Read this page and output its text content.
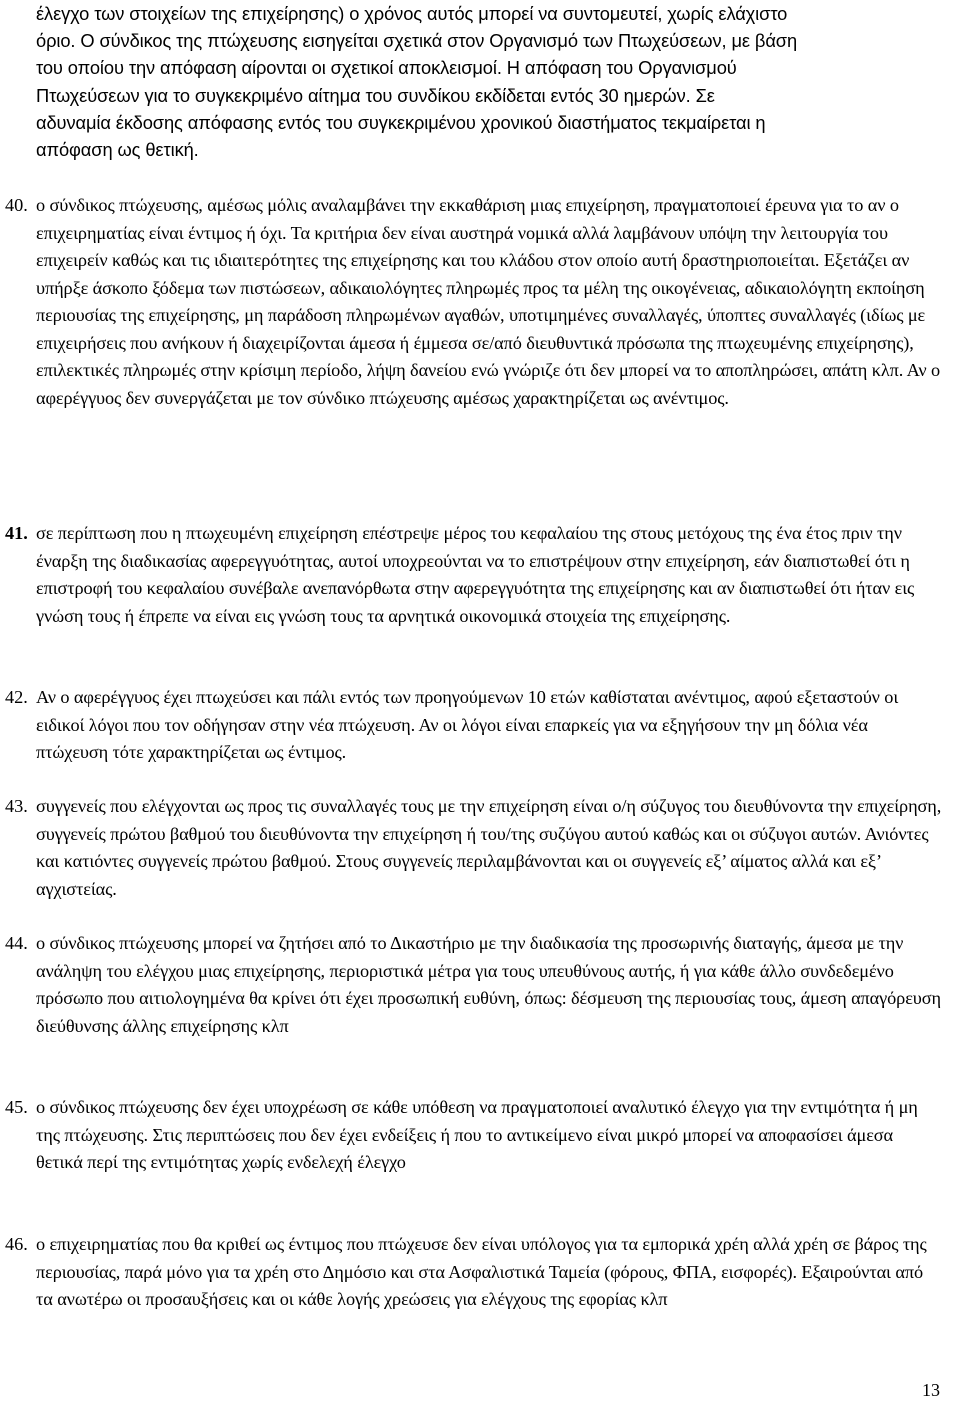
έλεγχο των στοιχείων της επιχείρησης) ο χρόνος αυτός μπορεί να συντομευτεί, χωρίς ελάχιστο
όριο. Ο σύνδικος της πτώχευσης εισηγείται σχετικά στον Οργανισμό των Πτωχεύσεων, με βάση
του οποίου την απόφαση αίρονται οι σχετικοί αποκλεισμοί. Η απόφαση του Οργανισμού
Πτωχεύσεων για το συγκεκριμένο αίτημα του συνδίκου εκδίδεται εντός 30 ημερών. Σε
αδυναμία έκδοσης απόφασης εντός του συγκεκριμένου χρονικού διαστήματος τεκμαίρεται η
απόφαση ως θετική.
40. ο σύνδικος πτώχευσης, αμέσως μόλις αναλαμβάνει την εκκαθάριση μιας επιχείρηση, πραγματοποιεί έρευνα για το αν ο επιχειρηματίας είναι έντιμος ή όχι. Τα κριτήρια δεν είναι αυστηρά νομικά αλλά λαμβάνουν υπόψη την λειτουργία του επιχειρείν καθώς και τις ιδιαιτερότητες της επιχείρησης και του κλάδου στον οποίο αυτή δραστηριοποιείται. Εξετάζει αν υπήρξε άσκοπο ξόδεμα των πιστώσεων, αδικαιολόγητες πληρωμές προς τα μέλη της οικογένειας, αδικαιολόγητη εκποίηση περιουσίας της επιχείρησης, μη παράδοση πληρωμένων αγαθών, υποτιμημένες συναλλαγές, ύποπτες συναλλαγές (ιδίως με επιχειρήσεις που ανήκουν ή διαχειρίζονται άμεσα ή έμμεσα σε/από διευθυντικά πρόσωπα της πτωχευμένης επιχείρησης), επιλεκτικές πληρωμές στην κρίσιμη περίοδο, λήψη δανείου ενώ γνώριζε ότι δεν μπορεί να το αποπληρώσει, απάτη κλπ. Αν ο αφερέγγυος δεν συνεργάζεται με τον σύνδικο πτώχευσης αμέσως χαρακτηρίζεται ως ανέντιμος.
41. σε περίπτωση που η πτωχευμένη επιχείρηση επέστρεψε μέρος του κεφαλαίου της στους μετόχους της ένα έτος πριν την έναρξη της διαδικασίας αφερεγγυότητας, αυτοί υποχρεούνται να το επιστρέψουν στην επιχείρηση, εάν διαπιστωθεί ότι η επιστροφή του κεφαλαίου συνέβαλε ανεπανόρθωτα στην αφερεγγυότητα της επιχείρησης και αν διαπιστωθεί ότι ήταν εις γνώση τους ή έπρεπε να είναι εις γνώση τους τα αρνητικά οικονομικά στοιχεία της επιχείρησης.
42. Αν ο αφερέγγυος έχει πτωχεύσει και πάλι εντός των προηγούμενων 10 ετών καθίσταται ανέντιμος, αφού εξεταστούν οι ειδικοί λόγοι που τον οδήγησαν στην νέα πτώχευση. Αν οι λόγοι είναι επαρκείς για να εξηγήσουν την μη δόλια νέα πτώχευση τότε χαρακτηρίζεται ως έντιμος.
43. συγγενείς που ελέγχονται ως προς τις συναλλαγές τους με την επιχείρηση είναι ο/η σύζυγος του διευθύνοντα την επιχείρηση, συγγενείς πρώτου βαθμού του διευθύνοντα την επιχείρηση ή του/της συζύγου αυτού καθώς και οι σύζυγοι αυτών. Ανιόντες και κατιόντες συγγενείς πρώτου βαθμού. Στους συγγενείς περιλαμβάνονται και οι συγγενείς εξ’ αίματος αλλά και εξ’ αγχιστείας.
44. ο σύνδικος πτώχευσης μπορεί να ζητήσει από το Δικαστήριο με την διαδικασία της προσωρινής διαταγής, άμεσα με την ανάληψη του ελέγχου μιας επιχείρησης, περιοριστικά μέτρα για τους υπευθύνους αυτής, ή για κάθε άλλο συνδεδεμένο πρόσωπο που αιτιολογημένα θα κρίνει ότι έχει προσωπική ευθύνη, όπως: δέσμευση της περιουσίας τους, άμεση απαγόρευση διεύθυνσης άλλης επιχείρησης κλπ
45. ο σύνδικος πτώχευσης δεν έχει υποχρέωση σε κάθε υπόθεση να πραγματοποιεί αναλυτικό έλεγχο για την εντιμότητα ή μη της πτώχευσης. Στις περιπτώσεις που δεν έχει ενδείξεις ή που το αντικείμενο είναι μικρό μπορεί να αποφασίσει άμεσα θετικά περί της εντιμότητας χωρίς ενδελεχή έλεγχο
46. ο επιχειρηματίας που θα κριθεί ως έντιμος που πτώχευσε δεν είναι υπόλογος για τα εμπορικά χρέη αλλά χρέη σε βάρος της περιουσίας, παρά μόνο για τα χρέη στο Δημόσιο και στα Ασφαλιστικά Ταμεία (φόρους, ΦΠΑ, εισφορές). Εξαιρούνται από τα ανωτέρω οι προσαυξήσεις και οι κάθε λογής χρεώσεις για ελέγχους της εφορίας κλπ
13
